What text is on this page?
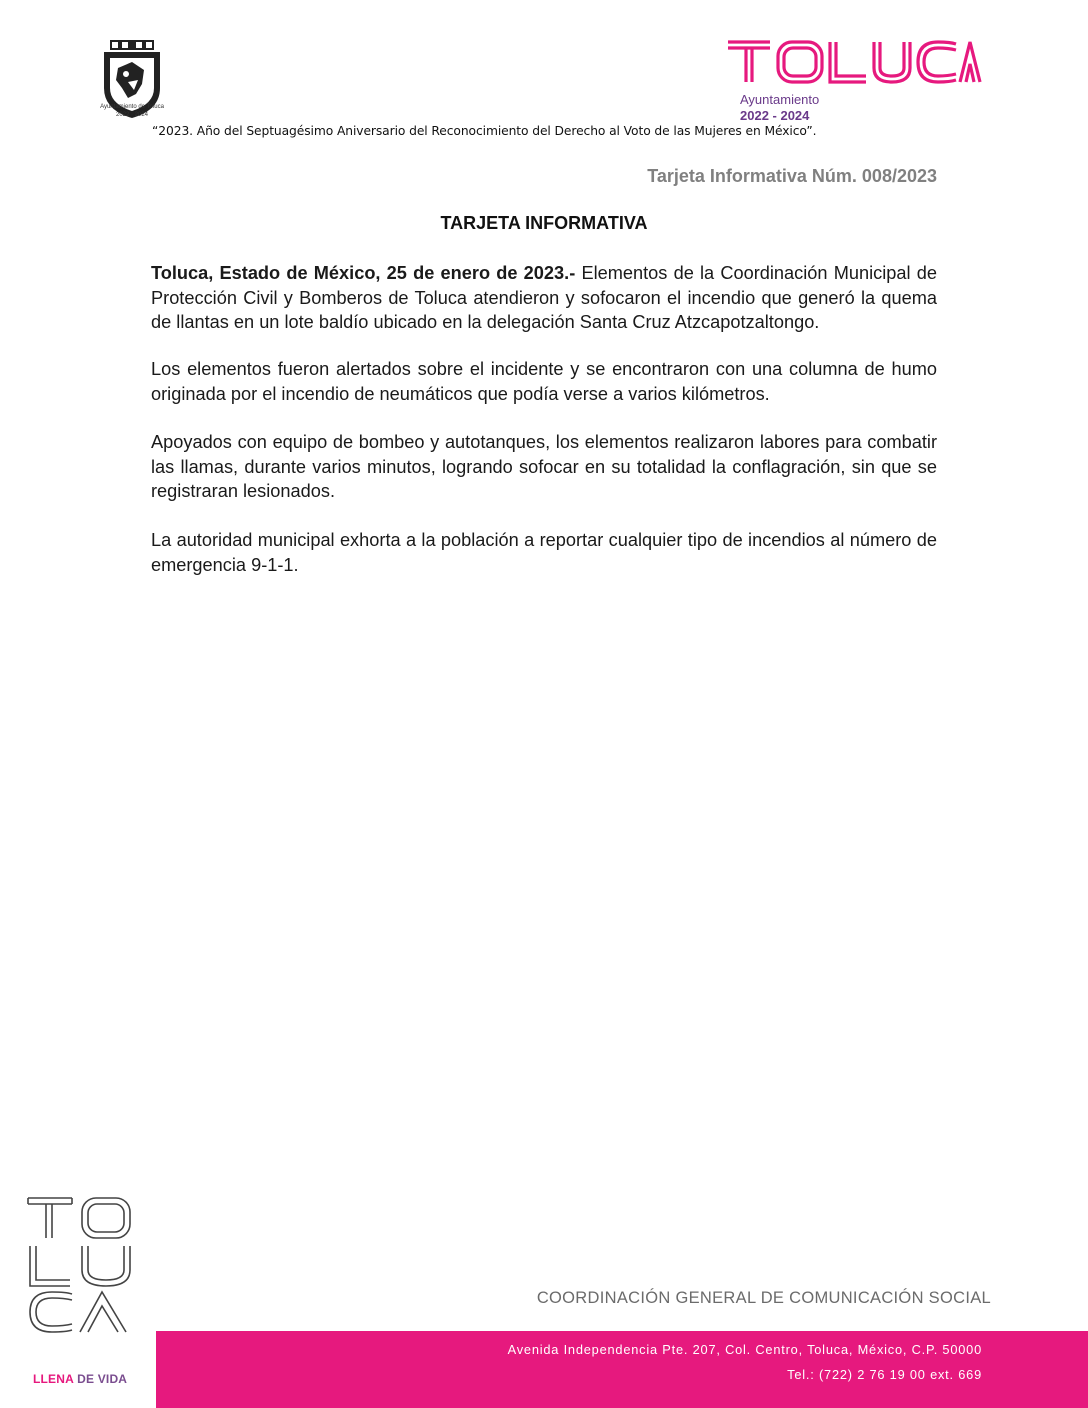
Ayuntamiento de Toluca
2022 · 2024
Ayuntamiento
2022 - 2024
“2023. Año del Septuagésimo Aniversario del Reconocimiento del Derecho al Voto de las Mujeres en México”.
Tarjeta Informativa Núm. 008/2023
TARJETA INFORMATIVA

Toluca, Estado de México, 25 de enero de 2023.- Elementos de la Coordinación Municipal de Protección Civil y Bomberos de Toluca atendieron y sofocaron el incendio que generó la quema de llantas en un lote baldío ubicado en la delegación Santa Cruz Atzcapotzaltongo.

Los elementos fueron alertados sobre el incidente y se encontraron con una columna de humo originada por el incendio de neumáticos que podía verse a varios kilómetros.

Apoyados con equipo de bombeo y autotanques, los elementos realizaron labores para combatir las llamas, durante varios minutos, logrando sofocar en su totalidad la conflagración, sin que se registraran lesionados.

La autoridad municipal exhorta a la población a reportar cualquier tipo de incendios al número de emergencia 9-1-1.

LLENA DE VIDA
COORDINACIÓN GENERAL DE COMUNICACIÓN SOCIAL
Avenida Independencia Pte. 207, Col. Centro, Toluca, México, C.P. 50000
Tel.: (722) 2 76 19 00 ext. 669
